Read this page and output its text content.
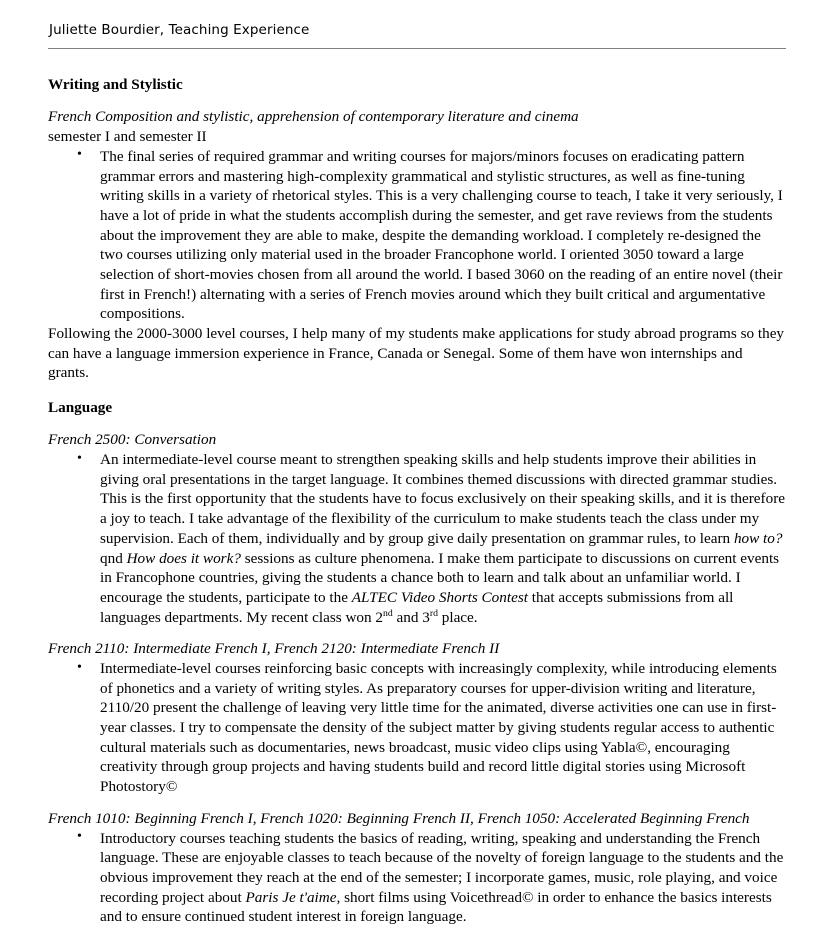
Juliette Bourdier, Teaching Experience
Writing and Stylistic

French Composition and stylistic, apprehension of contemporary literature and cinema

semester I and semester II

• The final series of required grammar and writing courses for majors/minors focuses on eradicating pattern grammar errors and mastering high-complexity grammatical and stylistic structures, as well as fine-tuning writing skills in a variety of rhetorical styles. This is a very challenging course to teach, I take it very seriously, I have a lot of pride in what the students accomplish during the semester, and get rave reviews from the students about the improvement they are able to make, despite the demanding workload. I completely re-designed the two courses utilizing only material used in the broader Francophone world. I oriented 3050 toward a large selection of short-movies chosen from all around the world. I based 3060 on the reading of an entire novel (their first in French!) alternating with a series of French movies around which they built critical and argumentative compositions.

Following the 2000-3000 level courses, I help many of my students make applications for study abroad programs so they can have a language immersion experience in France, Canada or Senegal. Some of them have won internships and grants.

Language

French 2500: Conversation

• An intermediate-level course meant to strengthen speaking skills and help students improve their abilities in giving oral presentations in the target language. It combines themed discussions with directed grammar studies. This is the first opportunity that the students have to focus exclusively on their speaking skills, and it is therefore a joy to teach. I take advantage of the flexibility of the curriculum to make students teach the class under my supervision. Each of them, individually and by group give daily presentation on grammar rules, to learn how to? qnd How does it work? sessions as culture phenomena. I make them participate to discussions on current events in Francophone countries, giving the students a chance both to learn and talk about an unfamiliar world. I encourage the students, participate to the ALTEC Video Shorts Contest that accepts submissions from all languages departments. My recent class won 2nd and 3rd place.

French 2110: Intermediate French I, French 2120: Intermediate French II

• Intermediate-level courses reinforcing basic concepts with increasingly complexity, while introducing elements of phonetics and a variety of writing styles. As preparatory courses for upper-division writing and literature, 2110/20 present the challenge of leaving very little time for the animated, diverse activities one can use in first-year classes. I try to compensate the density of the subject matter by giving students regular access to authentic cultural materials such as documentaries, news broadcast, music video clips using Yabla©, encouraging creativity through group projects and having students build and record little digital stories using Microsoft Photostory©

French 1010: Beginning French I, French 1020: Beginning French II, French 1050: Accelerated Beginning French

• Introductory courses teaching students the basics of reading, writing, speaking and understanding the French language. These are enjoyable classes to teach because of the novelty of foreign language to the students and the obvious improvement they reach at the end of the semester; I incorporate games, music, role playing, and voice recording project about Paris Je t'aime, short films using Voicethread© in order to enhance the basics interests and to ensure continued student interest in foreign language.
